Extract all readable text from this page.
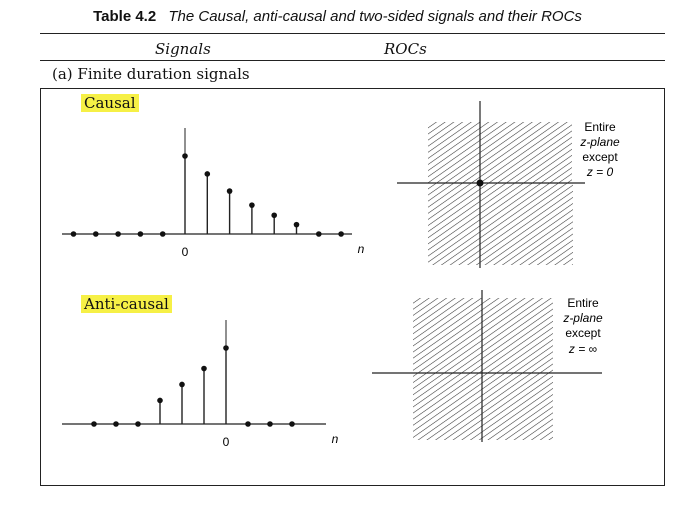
Table 4.2 The Causal, anti-causal and two-sided signals and their ROCs
Signals	ROCs
(a) Finite duration signals
Causal
Anti-causal
0	n
Entire
z-plane
except
z = 0
0	n
Entire
z-plane
except
z = ∞
